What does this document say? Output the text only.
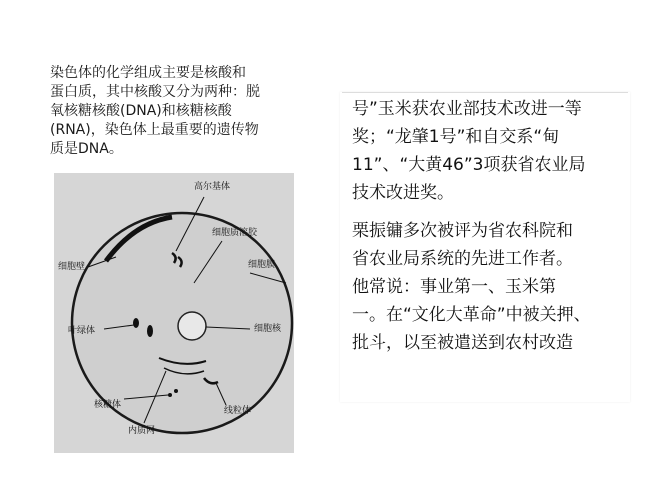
染色体的化学组成主要是核酸和
蛋白质，其中核酸又分为两种：脱
氧核糖核酸(DNA)和核糖核酸
(RNA)，染色体上最重要的遗传物
质是DNA。

高尔基体
细胞壁
细胞质溶胶
细胞膜
叶绿体	细胞核
核糖体
线粒体
内质网

号”玉米获农业部技术改进一等
奖；“龙肇1号”和自交系“甸
11”、“大黄46”3项获省农业局
技术改进奖。

栗振镛多次被评为省农科院和
省农业局系统的先进工作者。
他常说：事业第一、玉米第
一。在“文化大革命”中被关押、
批斗，以至被遣送到农村改造
